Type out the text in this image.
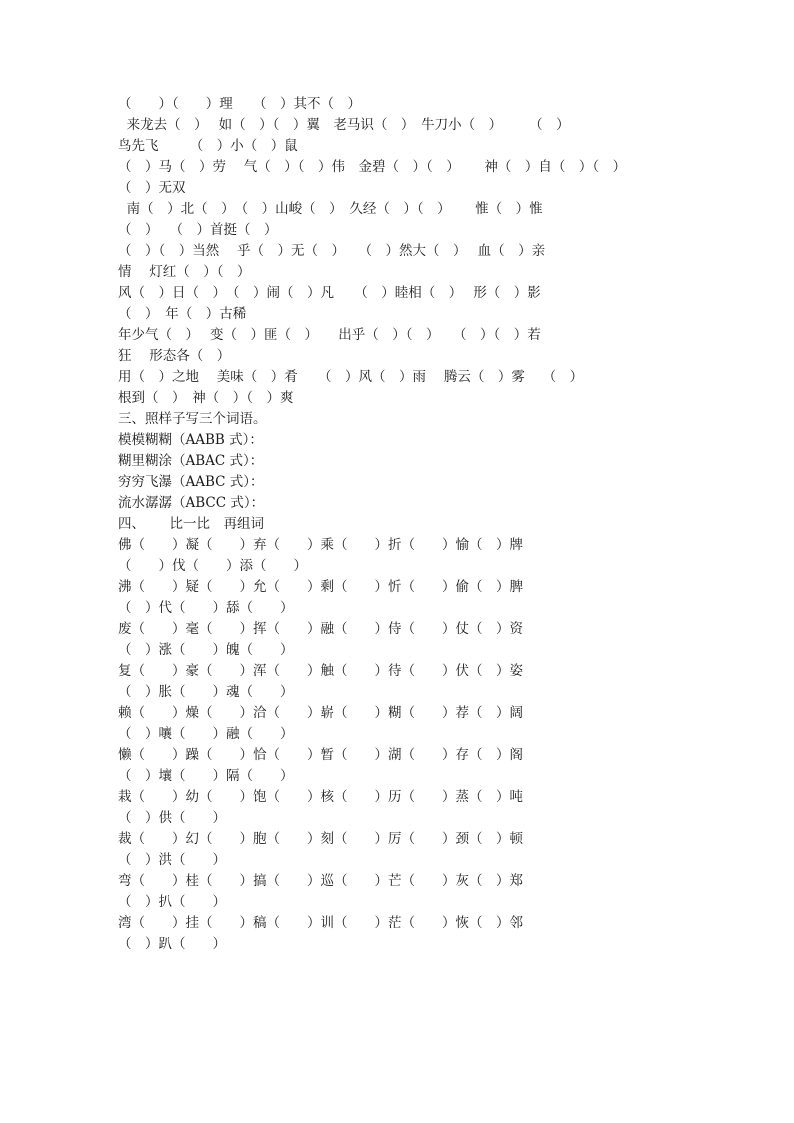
（　　）（　　）理　　（　）其不（　）
来龙去（　）　 如（　）（　）翼　老马识（　）　牛刀小（　）　　　（　）
鸟先飞　　 （　）小（　）鼠
（　）马（　）劳　 气（　）（　）伟　金碧（　）（　）　　 神（　）自（　）（　）
（　）无双
南（　）北（　）　（　）山峻（　）　久经（　）（　）　　 惟（　）惟
（　）　 （　）首挺（　）
（　）（　）当然　 乎（　）无（　）　　（　）然大（　）　 血（　）亲
情　 灯红（　）（　）
风（　）日（　）　（　）闹（　）凡　　（　）睦相（　）　 形（　）影
（　）　年（　）古稀
年少气（　）　 变（　）匪（　）　　出乎（　）（　）　　（　）（　）若
狂　 形态各（　）
用（　）之地　 美味（　）肴　　（　）风（　）雨　 腾云（　）雾　 （　）
根到（　）　神（　）（　）爽
三、照样子写三个词语。
模模糊糊（AABB 式）：
糊里糊涂（ABAC 式）：
穷穷飞瀑（AABC 式）：
流水潺潺（ABCC 式）：
四、　　 比一比　再组词
佛（　　）凝（　　）弃（　　）乘（　　）折（　　）愉（　）牌
（　　）伐（　　）添（　　）
沸（　　）疑（　　）允（　　）剩（　　）忻（　　）偷（　）脾
（　）代（　　）舔（　　）
废（　　）毫（　　）挥（　　）融（　　）侍（　　）仗（　）资
（　）涨（　　）魄（　　）
复（　　）豪（　　）浑（　　）触（　　）待（　　）伏（　）姿
（　）胀（　　）魂（　　）
赖（　　）燥（　　）洽（　　）崭（　　）糊（　　）荐（　）阔
（　）嚷（　　）融（　　）
懒（　　）躁（　　）恰（　　）暂（　　）湖（　　）存（　）阁
（　）壤（　　）隔（　　）
栽（　　）幼（　　）饱（　　）核（　　）历（　　）蒸（　）吨
（　）供（　　）
裁（　　）幻（　　）胞（　　）刻（　　）厉（　　）颈（　）顿
（　）洪（　　）
弯（　　）桂（　　）搞（　　）巡（　　）芒（　　）灰（　）郑
（　）扒（　　）
湾（　　）挂（　　）稿（　　）训（　　）茫（　　）恢（　）邻
（　）趴（　　）
